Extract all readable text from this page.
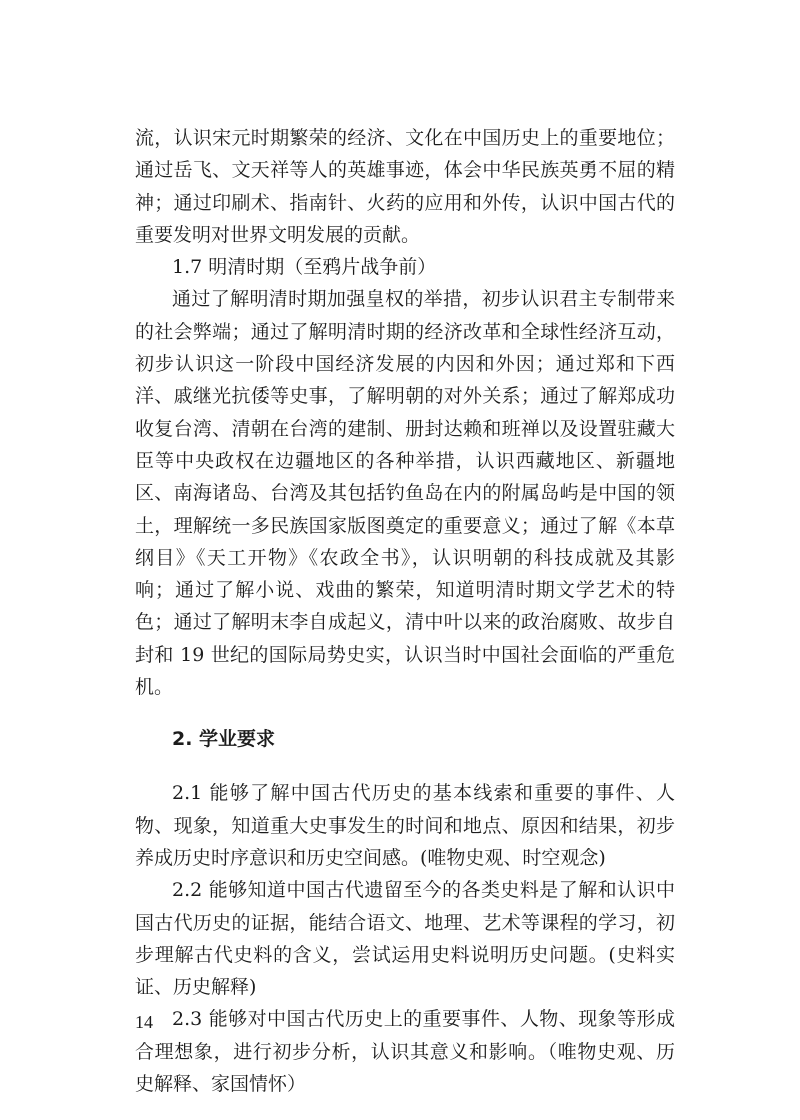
流，认识宋元时期繁荣的经济、文化在中国历史上的重要地位；通过岳飞、文天祥等人的英雄事迹，体会中华民族英勇不屈的精神；通过印刷术、指南针、火药的应用和外传，认识中国古代的重要发明对世界文明发展的贡献。

1.7 明清时期（至鸦片战争前）

通过了解明清时期加强皇权的举措，初步认识君主专制带来的社会弊端；通过了解明清时期的经济改革和全球性经济互动，初步认识这一阶段中国经济发展的内因和外因；通过郑和下西洋、戚继光抗倭等史事，了解明朝的对外关系；通过了解郑成功收复台湾、清朝在台湾的建制、册封达赖和班禅以及设置驻藏大臣等中央政权在边疆地区的各种举措，认识西藏地区、新疆地区、南海诸岛、台湾及其包括钓鱼岛在内的附属岛屿是中国的领土，理解统一多民族国家版图奠定的重要意义；通过了解《本草纲目》《天工开物》《农政全书》，认识明朝的科技成就及其影响；通过了解小说、戏曲的繁荣，知道明清时期文学艺术的特色；通过了解明末李自成起义，清中叶以来的政治腐败、故步自封和 19 世纪的国际局势史实，认识当时中国社会面临的严重危机。

2. 学业要求

2.1 能够了解中国古代历史的基本线索和重要的事件、人物、现象，知道重大史事发生的时间和地点、原因和结果，初步养成历史时序意识和历史空间感。(唯物史观、时空观念)

2.2 能够知道中国古代遗留至今的各类史料是了解和认识中国古代历史的证据，能结合语文、地理、艺术等课程的学习，初步理解古代史料的含义，尝试运用史料说明历史问题。(史料实证、历史解释)

2.3 能够对中国古代历史上的重要事件、人物、现象等形成合理想象，进行初步分析，认识其意义和影响。（唯物史观、历史解释、家国情怀）

14
